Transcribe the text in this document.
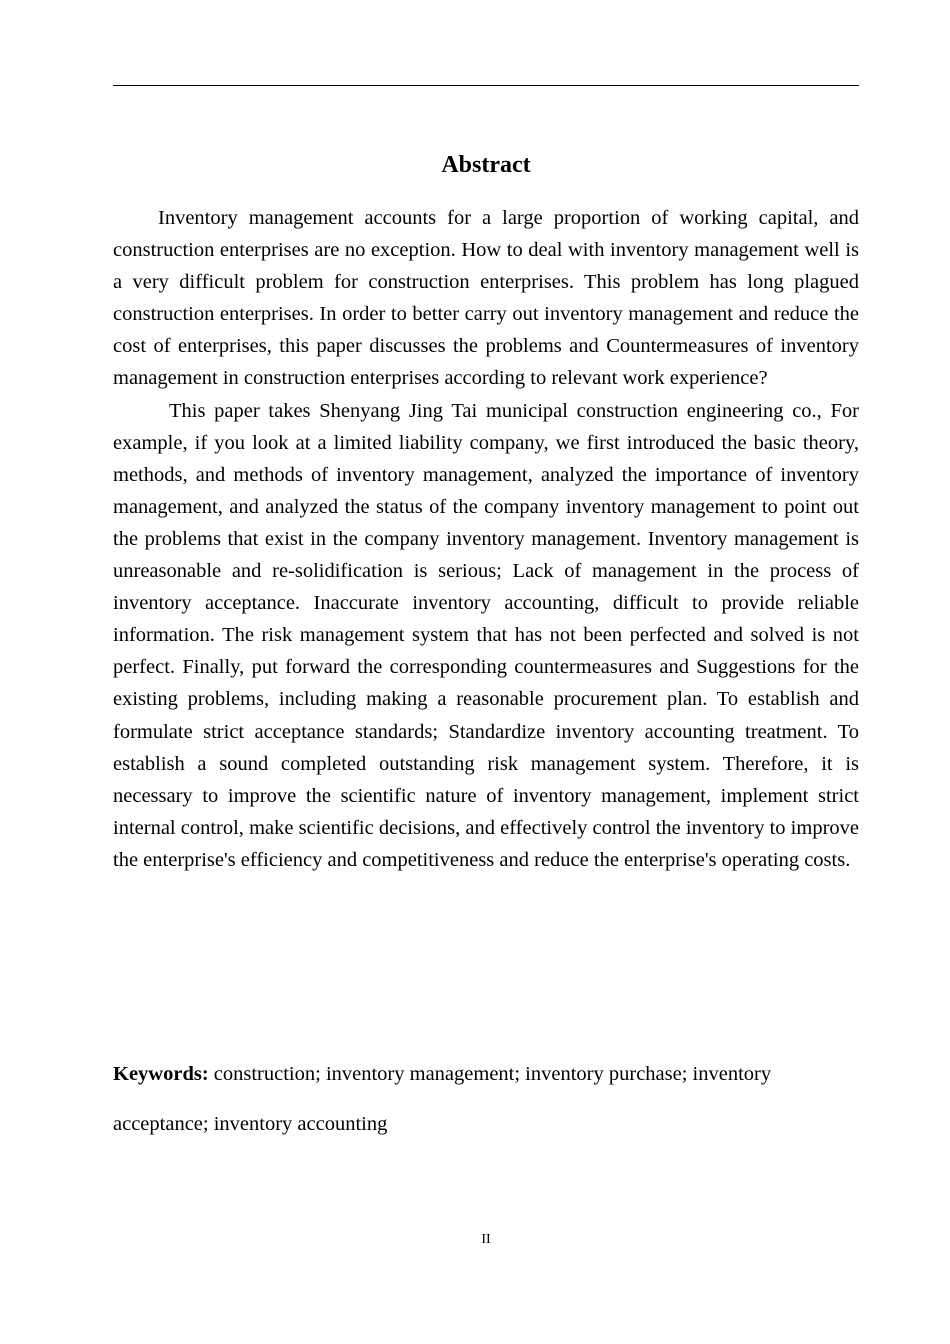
Abstract

Inventory management accounts for a large proportion of working capital, and construction enterprises are no exception. How to deal with inventory management well is a very difficult problem for construction enterprises. This problem has long plagued construction enterprises. In order to better carry out inventory management and reduce the cost of enterprises, this paper discusses the problems and Countermeasures of inventory management in construction enterprises according to relevant work experience?

This paper takes Shenyang Jing Tai municipal construction engineering co., For example, if you look at a limited liability company, we first introduced the basic theory, methods, and methods of inventory management, analyzed the importance of inventory management, and analyzed the status of the company inventory management to point out the problems that exist in the company inventory management. Inventory management is unreasonable and re-solidification is serious; Lack of management in the process of inventory acceptance. Inaccurate inventory accounting, difficult to provide reliable information. The risk management system that has not been perfected and solved is not perfect. Finally, put forward the corresponding countermeasures and Suggestions for the existing problems, including making a reasonable procurement plan. To establish and formulate strict acceptance standards; Standardize inventory accounting treatment. To establish a sound completed outstanding risk management system. Therefore, it is necessary to improve the scientific nature of inventory management, implement strict internal control, make scientific decisions, and effectively control the inventory to improve the enterprise's efficiency and competitiveness and reduce the enterprise's operating costs.

Keywords: construction; inventory management; inventory purchase; inventory acceptance; inventory accounting

II
